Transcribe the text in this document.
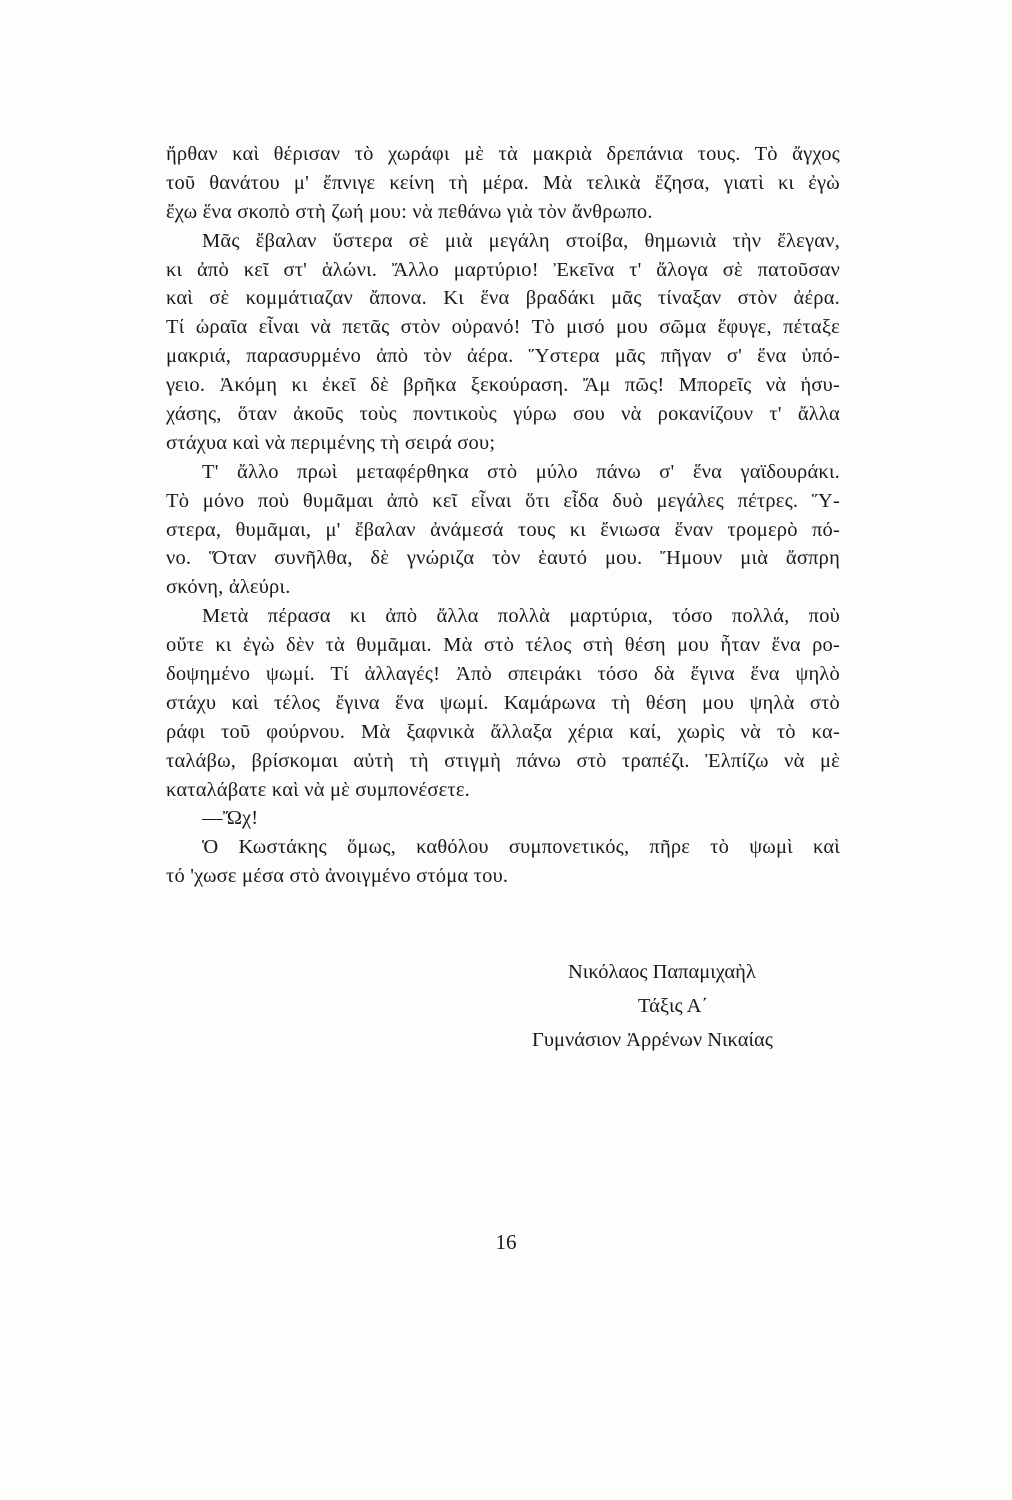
ἤρθαν καὶ θέρισαν τὸ χωράφι μὲ τὰ μακριὰ δρεπάνια τους. Τὸ ἄγχος
τοῦ θανάτου μ' ἔπνιγε κείνη τὴ μέρα. Μὰ τελικὰ ἔζησα, γιατὶ κι ἐγὼ
ἔχω ἕνα σκοπὸ στὴ ζωή μου: νὰ πεθάνω γιὰ τὸν ἄνθρωπο.
Μᾶς ἔβαλαν ὕστερα σὲ μιὰ μεγάλη στοίβα, θημωνιὰ τὴν ἔλεγαν,
κι ἀπὸ κεῖ στ' ἁλώνι. Ἄλλο μαρτύριο! Ἐκεῖνα τ' ἄλογα σὲ πατοῦσαν
καὶ σὲ κομμάτιαζαν ἄπονα. Κι ἕνα βραδάκι μᾶς τίναξαν στὸν ἀέρα.
Τί ὡραῖα εἶναι νὰ πετᾶς στὸν οὐρανό! Τὸ μισό μου σῶμα ἔφυγε, πέταξε
μακριά, παρασυρμένο ἀπὸ τὸν ἀέρα. Ὕστερα μᾶς πῆγαν σ' ἕνα ὑπό-
γειο. Ἀκόμη κι ἐκεῖ δὲ βρῆκα ξεκούραση. Ἄμ πῶς! Μπορεῖς νὰ ἡσυ-
χάσης, ὅταν ἀκοῦς τοὺς ποντικοὺς γύρω σου νὰ ροκανίζουν τ' ἄλλα
στάχυα καὶ νὰ περιμένης τὴ σειρά σου;
Τ' ἄλλο πρωὶ μεταφέρθηκα στὸ μύλο πάνω σ' ἕνα γαϊδουράκι.
Τὸ μόνο ποὺ θυμᾶμαι ἀπὸ κεῖ εἶναι ὅτι εἶδα δυὸ μεγάλες πέτρες. Ὕ-
στερα, θυμᾶμαι, μ' ἔβαλαν ἀνάμεσά τους κι ἔνιωσα ἕναν τρομερὸ πό-
νο. Ὅταν συνῆλθα, δὲ γνώριζα τὸν ἑαυτό μου. Ἤμουν μιὰ ἄσπρη
σκόνη, ἀλεύρι.
Μετὰ πέρασα κι ἀπὸ ἄλλα πολλὰ μαρτύρια, τόσο πολλά, ποὺ
οὔτε κι ἐγὼ δὲν τὰ θυμᾶμαι. Μὰ στὸ τέλος στὴ θέση μου ἦταν ἕνα ρο-
δοψημένο ψωμί. Τί ἀλλαγές! Ἀπὸ σπειράκι τόσο δὰ ἔγινα ἕνα ψηλὸ
στάχυ καὶ τέλος ἔγινα ἕνα ψωμί. Καμάρωνα τὴ θέση μου ψηλὰ στὸ
ράφι τοῦ φούρνου. Μὰ ξαφνικὰ ἄλλαξα χέρια καί, χωρὶς νὰ τὸ κα-
ταλάβω, βρίσκομαι αὐτὴ τὴ στιγμὴ πάνω στὸ τραπέζι. Ἐλπίζω νὰ μὲ
καταλάβατε καὶ νὰ μὲ συμπονέσετε.
—Ὤχ!
Ὁ Κωστάκης ὅμως, καθόλου συμπονετικός, πῆρε τὸ ψωμὶ καὶ
τό 'χωσε μέσα στὸ ἀνοιγμένο στόμα του.
Νικόλαος Παπαμιχαὴλ
Τάξις Α΄
Γυμνάσιον Ἀρρένων Νικαίας
16
